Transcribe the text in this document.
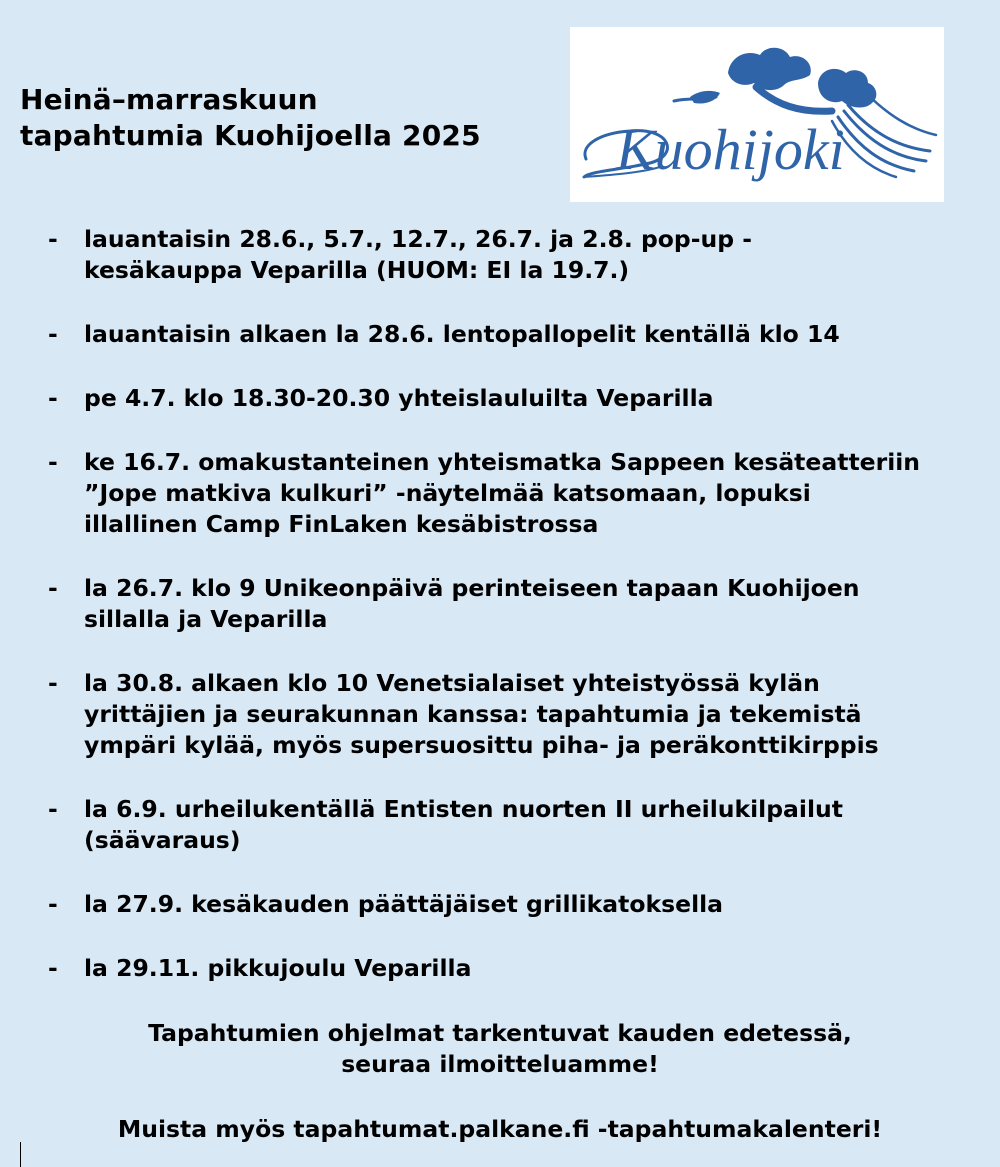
Heinä–marraskuun
tapahtumia Kuohijoella 2025 Kuohijoki
- lauantaisin 28.6., 5.7., 12.7., 26.7. ja 2.8. pop-up -
kesäkauppa Veparilla (HUOM: EI la 19.7.)
- lauantaisin alkaen la 28.6. lentopallopelit kentällä klo 14
- pe 4.7. klo 18.30-20.30 yhteislauluilta Veparilla
- ke 16.7. omakustanteinen yhteismatka Sappeen kesäteatteriin
”Jope matkiva kulkuri” -näytelmää katsomaan, lopuksi
illallinen Camp FinLaken kesäbistrossa
- la 26.7. klo 9 Unikeonpäivä perinteiseen tapaan Kuohijoen
sillalla ja Veparilla
- la 30.8. alkaen klo 10 Venetsialaiset yhteistyössä kylän
yrittäjien ja seurakunnan kanssa: tapahtumia ja tekemistä
ympäri kylää, myös supersuosittu piha- ja peräkonttikirppis
- la 6.9. urheilukentällä Entisten nuorten II urheilukilpailut
(säävaraus)
- la 27.9. kesäkauden päättäjäiset grillikatoksella
- la 29.11. pikkujoulu Veparilla
Tapahtumien ohjelmat tarkentuvat kauden edetessä,
seuraa ilmoitteluamme!
Muista myös tapahtumat.palkane.fi -tapahtumakalenteri!
